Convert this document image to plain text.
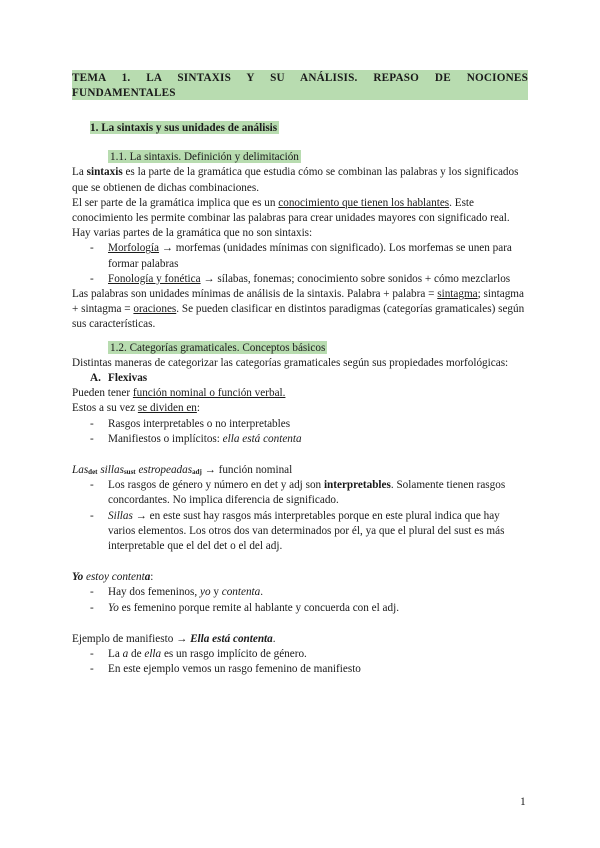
TEMA 1. LA SINTAXIS Y SU ANÁLISIS. REPASO DE NOCIONES
FUNDAMENTALES
1. La sintaxis y sus unidades de análisis
1.1. La sintaxis. Definición y delimitación

La sintaxis es la parte de la gramática que estudia cómo se combinan las palabras y los significados que se obtienen de dichas combinaciones.

El ser parte de la gramática implica que es un conocimiento que tienen los hablantes. Este conocimiento les permite combinar las palabras para crear unidades mayores con significado real.

Hay varias partes de la gramática que no son sintaxis:

- Morfología → morfemas (unidades mínimas con significado). Los morfemas se unen para formar palabras
- Fonología y fonética → sílabas, fonemas; conocimiento sobre sonidos + cómo mezclarlos

Las palabras son unidades mínimas de análisis de la sintaxis. Palabra + palabra = sintagma; sintagma + sintagma = oraciones. Se pueden clasificar en distintos paradigmas (categorías gramaticales) según sus características.

1.2. Categorías gramaticales. Conceptos básicos

Distintas maneras de categorizar las categorías gramaticales según sus propiedades morfológicas:

A. Flexivas

Pueden tener función nominal o función verbal.

Estos a su vez se dividen en:

- Rasgos interpretables o no interpretables
- Manifiestos o implícitos: ella está contenta

Las$_{det}$ sillas$_{sust}$ estropeadas$_{adj}$ → función nominal

- Los rasgos de género y número en det y adj son interpretables. Solamente tienen rasgos concordantes. No implica diferencia de significado.
- Sillas → en este sust hay rasgos más interpretables porque en este plural indica que hay varios elementos. Los otros dos van determinados por él, ya que el plural del sust es más interpretable que el del det o el del adj.

Yo estoy contenta:

- Hay dos femeninos, yo y contenta.
- Yo es femenino porque remite al hablante y concuerda con el adj.

Ejemplo de manifiesto → Ella está contenta.

- La a de ella es un rasgo implícito de género.
- En este ejemplo vemos un rasgo femenino de manifiesto
1
